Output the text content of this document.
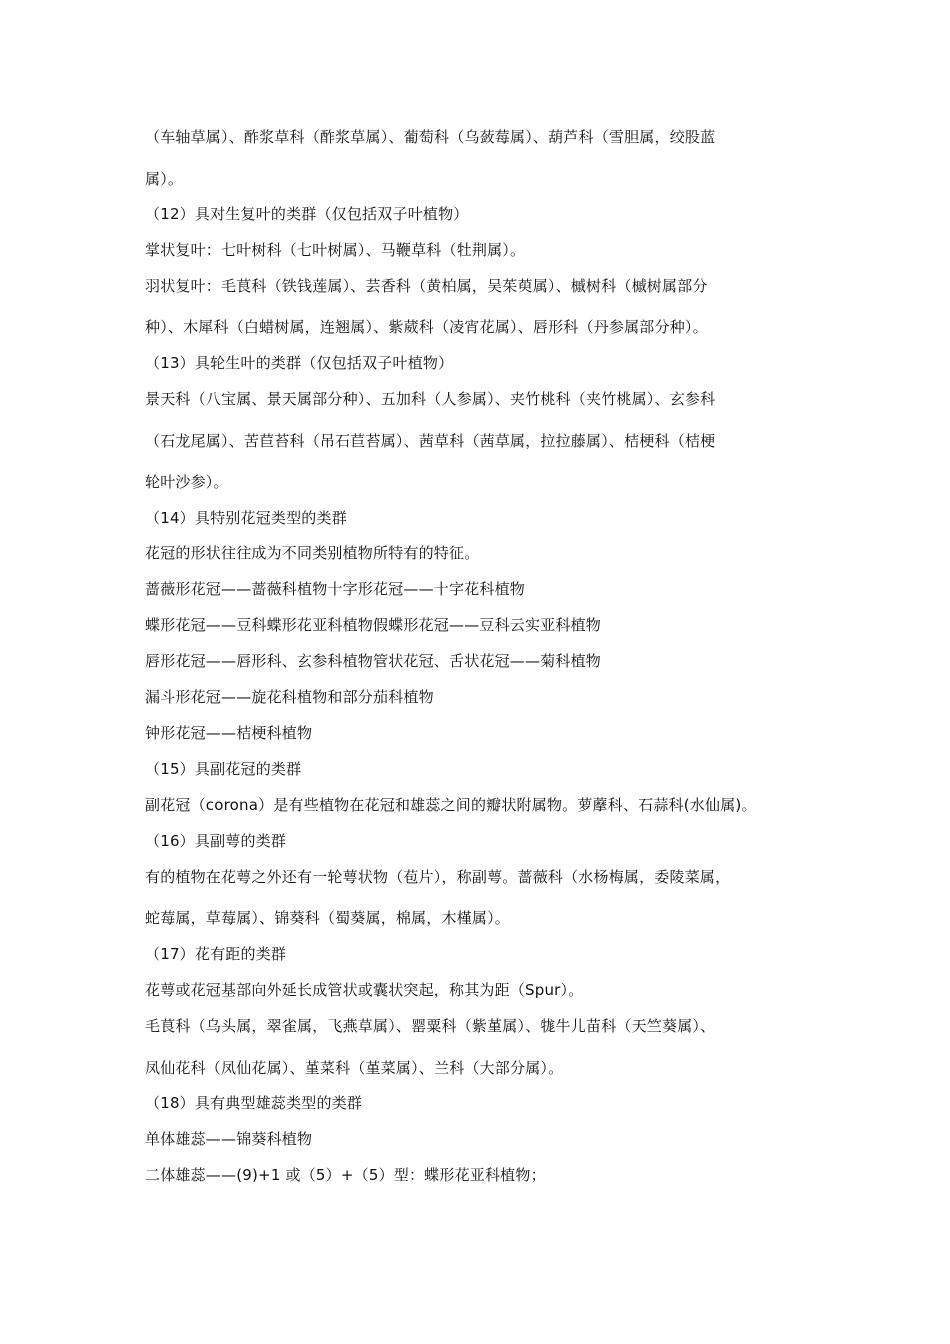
（车轴草属）、酢浆草科（酢浆草属）、葡萄科（乌蔹莓属）、葫芦科（雪胆属，绞股蓝
属）。
（12）具对生复叶的类群（仅包括双子叶植物）
掌状复叶：七叶树科（七叶树属）、马鞭草科（牡荆属）。
羽状复叶：毛茛科（铁钱莲属）、芸香科（黄柏属，吴茱萸属）、槭树科（槭树属部分
种）、木犀科（白蜡树属，连翘属）、紫葳科（凌宵花属）、唇形科（丹参属部分种）。
（13）具轮生叶的类群（仅包括双子叶植物）
景天科（八宝属、景天属部分种）、五加科（人参属）、夹竹桃科（夹竹桃属）、玄参科
（石龙尾属）、苦苣苔科（吊石苣苔属）、茜草科（茜草属，拉拉藤属）、桔梗科（桔梗
轮叶沙参）。
（14）具特别花冠类型的类群
花冠的形状往往成为不同类别植物所特有的特征。
蔷薇形花冠——蔷薇科植物十字形花冠——十字花科植物
蝶形花冠——豆科蝶形花亚科植物假蝶形花冠——豆科云实亚科植物
唇形花冠——唇形科、玄参科植物管状花冠、舌状花冠——菊科植物
漏斗形花冠——旋花科植物和部分茄科植物
钟形花冠——桔梗科植物
（15）具副花冠的类群
副花冠（corona）是有些植物在花冠和雄蕊之间的瓣状附属物。萝藦科、石蒜科(水仙属)。
（16）具副萼的类群
有的植物在花萼之外还有一轮萼状物（苞片），称副萼。蔷薇科（水杨梅属，委陵菜属，
蛇莓属，草莓属）、锦葵科（蜀葵属，棉属，木槿属）。
（17）花有距的类群
花萼或花冠基部向外延长成管状或囊状突起，称其为距（Spur）。
毛茛科（乌头属，翠雀属，飞燕草属）、罂粟科（紫堇属）、牻牛儿苗科（天竺葵属）、
凤仙花科（凤仙花属）、堇菜科（堇菜属）、兰科（大部分属）。
（18）具有典型雄蕊类型的类群
单体雄蕊——锦葵科植物
二体雄蕊——(9)+1 或（5）+（5）型：蝶形花亚科植物；
